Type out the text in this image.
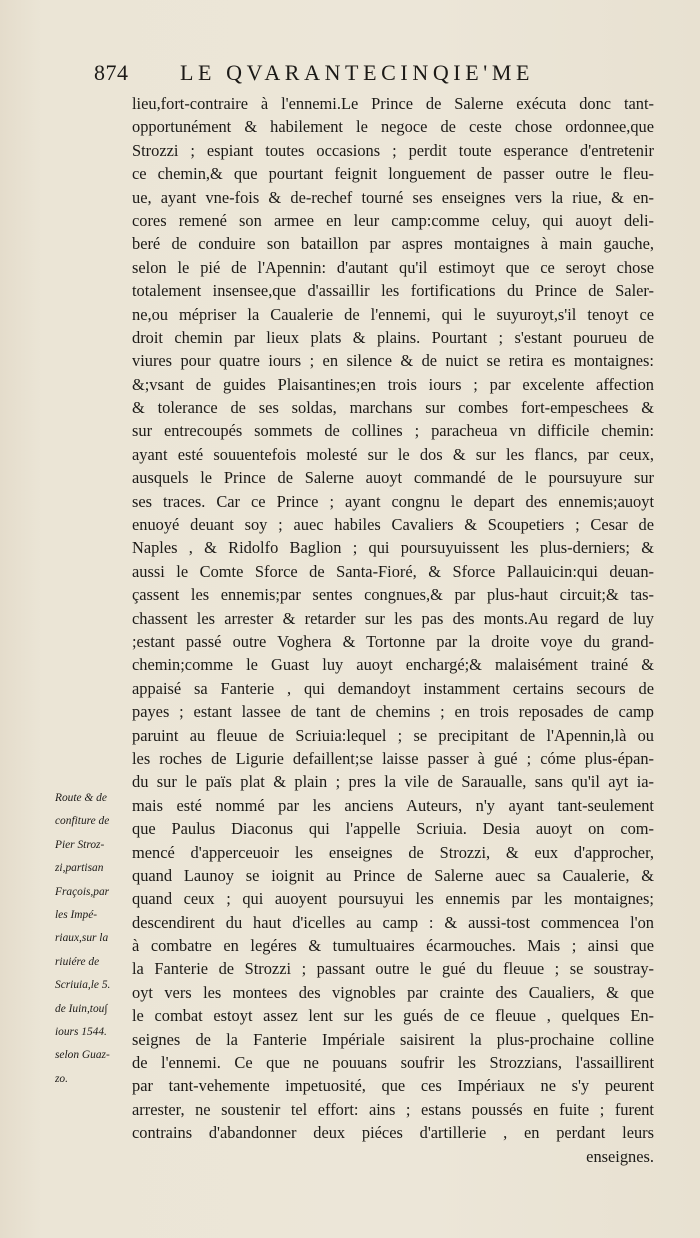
874 LE QVARANTECINQIE'ME
lieu,fort-contraire à l'ennemi.Le Prince de Salerne exécuta donc tant-
opportunément & habilement le negoce de ceste chose ordonnee,que
Strozzi ; espiant toutes occasions ; perdit toute esperance d'entretenir
ce chemin,& que pourtant feignit longuement de passer outre le fleu-
ue, ayant vne-fois & de-rechef tourné ses enseignes vers la riue, & en-
cores remené son armee en leur camp:comme celuy, qui auoyt deli-
beré de conduire son bataillon par aspres montaignes à main gauche,
selon le pié de l'Apennin: d'autant qu'il estimoyt que ce seroyt chose
totalement insensee,que d'assaillir les fortifications du Prince de Saler-
ne,ou mépriser la Caualerie de l'ennemi, qui le suyuroyt,s'il tenoyt ce
droit chemin par lieux plats & plains. Pourtant ; s'estant pourueu de
viures pour quatre iours ; en silence & de nuict se retira es montaignes:
&;vsant de guides Plaisantines;en trois iours ; par excelente affection
& tolerance de ses soldas, marchans sur combes fort-empeschees &
sur entrecoupés sommets de collines ; paracheua vn difficile chemin:
ayant esté souuentefois molesté sur le dos & sur les flancs, par ceux,
ausquels le Prince de Salerne auoyt commandé de le poursuyure sur
ses traces. Car ce Prince ; ayant congnu le depart des ennemis;auoyt
enuoyé deuant soy ; auec habiles Cavaliers & Scoupetiers ; Cesar de
Naples , & Ridolfo Baglion ; qui poursuyuissent les plus-derniers; &
aussi le Comte Sforce de Santa-Fioré, & Sforce Pallauicin:qui deuan-
çassent les ennemis;par sentes congnues,& par plus-haut circuit;& tas-
chassent les arrester & retarder sur les pas des monts.Au regard de luy
;estant passé outre Voghera & Tortonne par la droite voye du grand-
chemin;comme le Guast luy auoyt enchargé;& malaisément trainé &
appaisé sa Fanterie , qui demandoyt instamment certains secours de
payes ; estant lassee de tant de chemins ; en trois reposades de camp
paruint au fleuue de Scriuia:lequel ; se precipitant de l'Apennin,là ou
les roches de Ligurie defaillent;se laisse passer à gué ; cóme plus-épan-
du sur le païs plat & plain ; pres la vile de Saraualle, sans qu'il ayt ia-
mais esté nommé par les anciens Auteurs, n'y ayant tant-seulement
que Paulus Diaconus qui l'appelle Scriuia. Desia auoyt on com-
mencé d'apperceuoir les enseignes de Strozzi, & eux d'approcher,
quand Launoy se ioignit au Prince de Salerne auec sa Caualerie, &
quand ceux ; qui auoyent poursuyui les ennemis par les montaignes;
descendirent du haut d'icelles au camp : & aussi-tost commencea l'on
à combatre en legéres & tumultuaires écarmouches. Mais ; ainsi que
la Fanterie de Strozzi ; passant outre le gué du fleuue ; se soustray-
oyt vers les montees des vignobles par crainte des Caualiers, & que
le combat estoyt assez lent sur les gués de ce fleuue , quelques En-
seignes de la Fanterie Impériale saisirent la plus-prochaine colline
de l'ennemi. Ce que ne pouuans soufrir les Strozzians, l'assaillirent
par tant-vehemente impetuosité, que ces Impériaux ne s'y peurent
arrester, ne soustenir tel effort: ains ; estans poussés en fuite ; furent
contrains d'abandonner deux piéces d'artillerie , en perdant leurs
enseignes.
Route & de
confiture de
Pier Stroz-
zi,partisan
Fraçois,par
les Impé-
riaux,sur la
riuiére de
Scriuia,le 5.
de Iuin,tou∫
iours 1544.
selon Guaz-
zo.
